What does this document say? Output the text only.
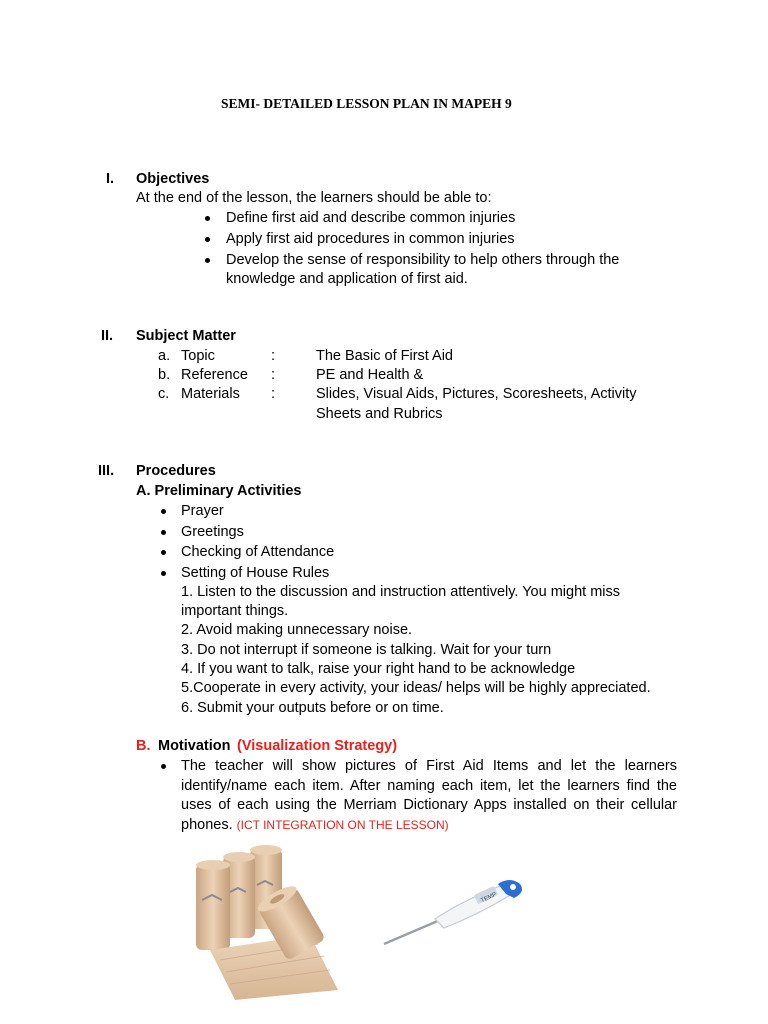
SEMI- DETAILED LESSON PLAN IN MAPEH 9
I. Objectives
At the end of the lesson, the learners should be able to:
Define first aid and describe common injuries
Apply first aid procedures in common injuries
Develop the sense of responsibility to help others through the
knowledge and application of first aid.
II. Subject Matter
a. Topic	:	The Basic of First Aid
b. Reference :	PE and Health &
c. Materials :	Slides, Visual Aids, Pictures, Scoresheets, Activity
Sheets and Rubrics
III. Procedures
A. Preliminary Activities
Prayer
Greetings
Checking of Attendance
Setting of House Rules
1. Listen to the discussion and instruction attentively. You might miss
important things.
2. Avoid making unnecessary noise.
3. Do not interrupt if someone is talking. Wait for your turn
4. If you want to talk, raise your right hand to be acknowledge
5.Cooperate in every activity, your ideas/ helps will be highly appreciated.
6. Submit your outputs before or on time.
B. Motivation (Visualization Strategy)
The teacher will show pictures of First Aid Items and let the learners
identify/name each item. After naming each item, let the learners find the
uses of each using the Merriam Dictionary Apps installed on their cellular
phones. (ICT INTEGRATION ON THE LESSON)
TEMP
